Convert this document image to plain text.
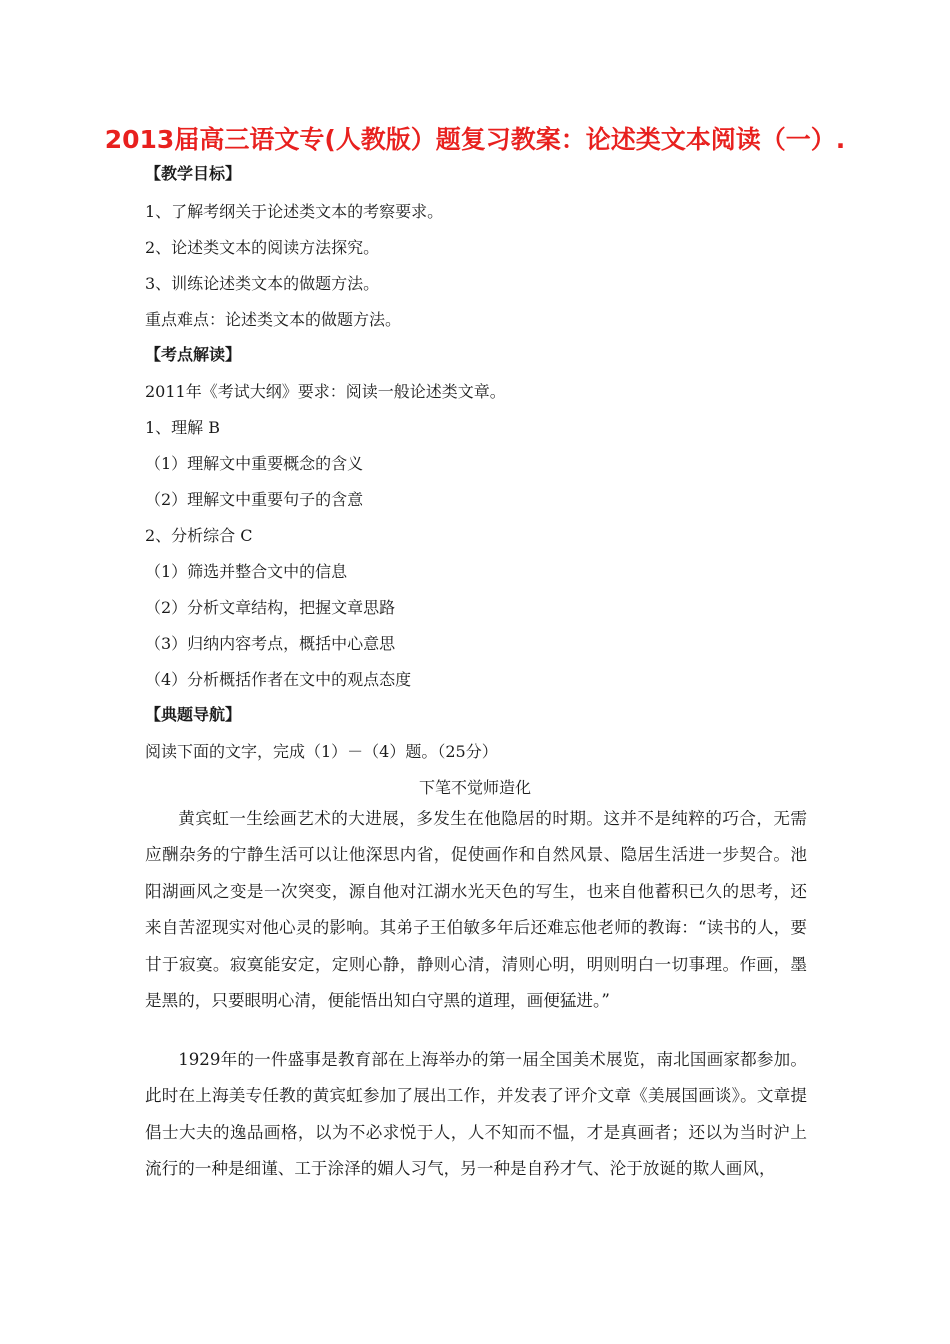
2013届高三语文专(人教版）题复习教案：论述类文本阅读（一）.
【教学目标】
1、了解考纲关于论述类文本的考察要求。
2、论述类文本的阅读方法探究。
3、训练论述类文本的做题方法。
重点难点：论述类文本的做题方法。
【考点解读】
2011年《考试大纲》要求：阅读一般论述类文章。
1、理解 B
（1）理解文中重要概念的含义
（2）理解文中重要句子的含意
2、分析综合 C
（1）筛选并整合文中的信息
（2）分析文章结构，把握文章思路
（3）归纳内容考点，概括中心意思
（4）分析概括作者在文中的观点态度
【典题导航】
阅读下面的文字，完成（1）－（4）题。（25分）
下笔不觉师造化
黄宾虹一生绘画艺术的大进展，多发生在他隐居的时期。这并不是纯粹的巧合，无需应酬杂务的宁静生活可以让他深思内省，促使画作和自然风景、隐居生活进一步契合。池阳湖画风之变是一次突变，源自他对江湖水光天色的写生，也来自他蓄积已久的思考，还来自苦涩现实对他心灵的影响。其弟子王伯敏多年后还难忘他老师的教诲：“读书的人，要甘于寂寞。寂寞能安定，定则心静，静则心清，清则心明，明则明白一切事理。作画，墨是黑的，只要眼明心清，便能悟出知白守黑的道理，画便猛进。”
1929年的一件盛事是教育部在上海举办的第一届全国美术展览，南北国画家都参加。此时在上海美专任教的黄宾虹参加了展出工作，并发表了评介文章《美展国画谈》。文章提倡士大夫的逸品画格，以为不必求悦于人，人不知而不愠，才是真画者；还以为当时沪上流行的一种是细谨、工于涂泽的媚人习气，另一种是自矜才气、沦于放诞的欺人画风，
